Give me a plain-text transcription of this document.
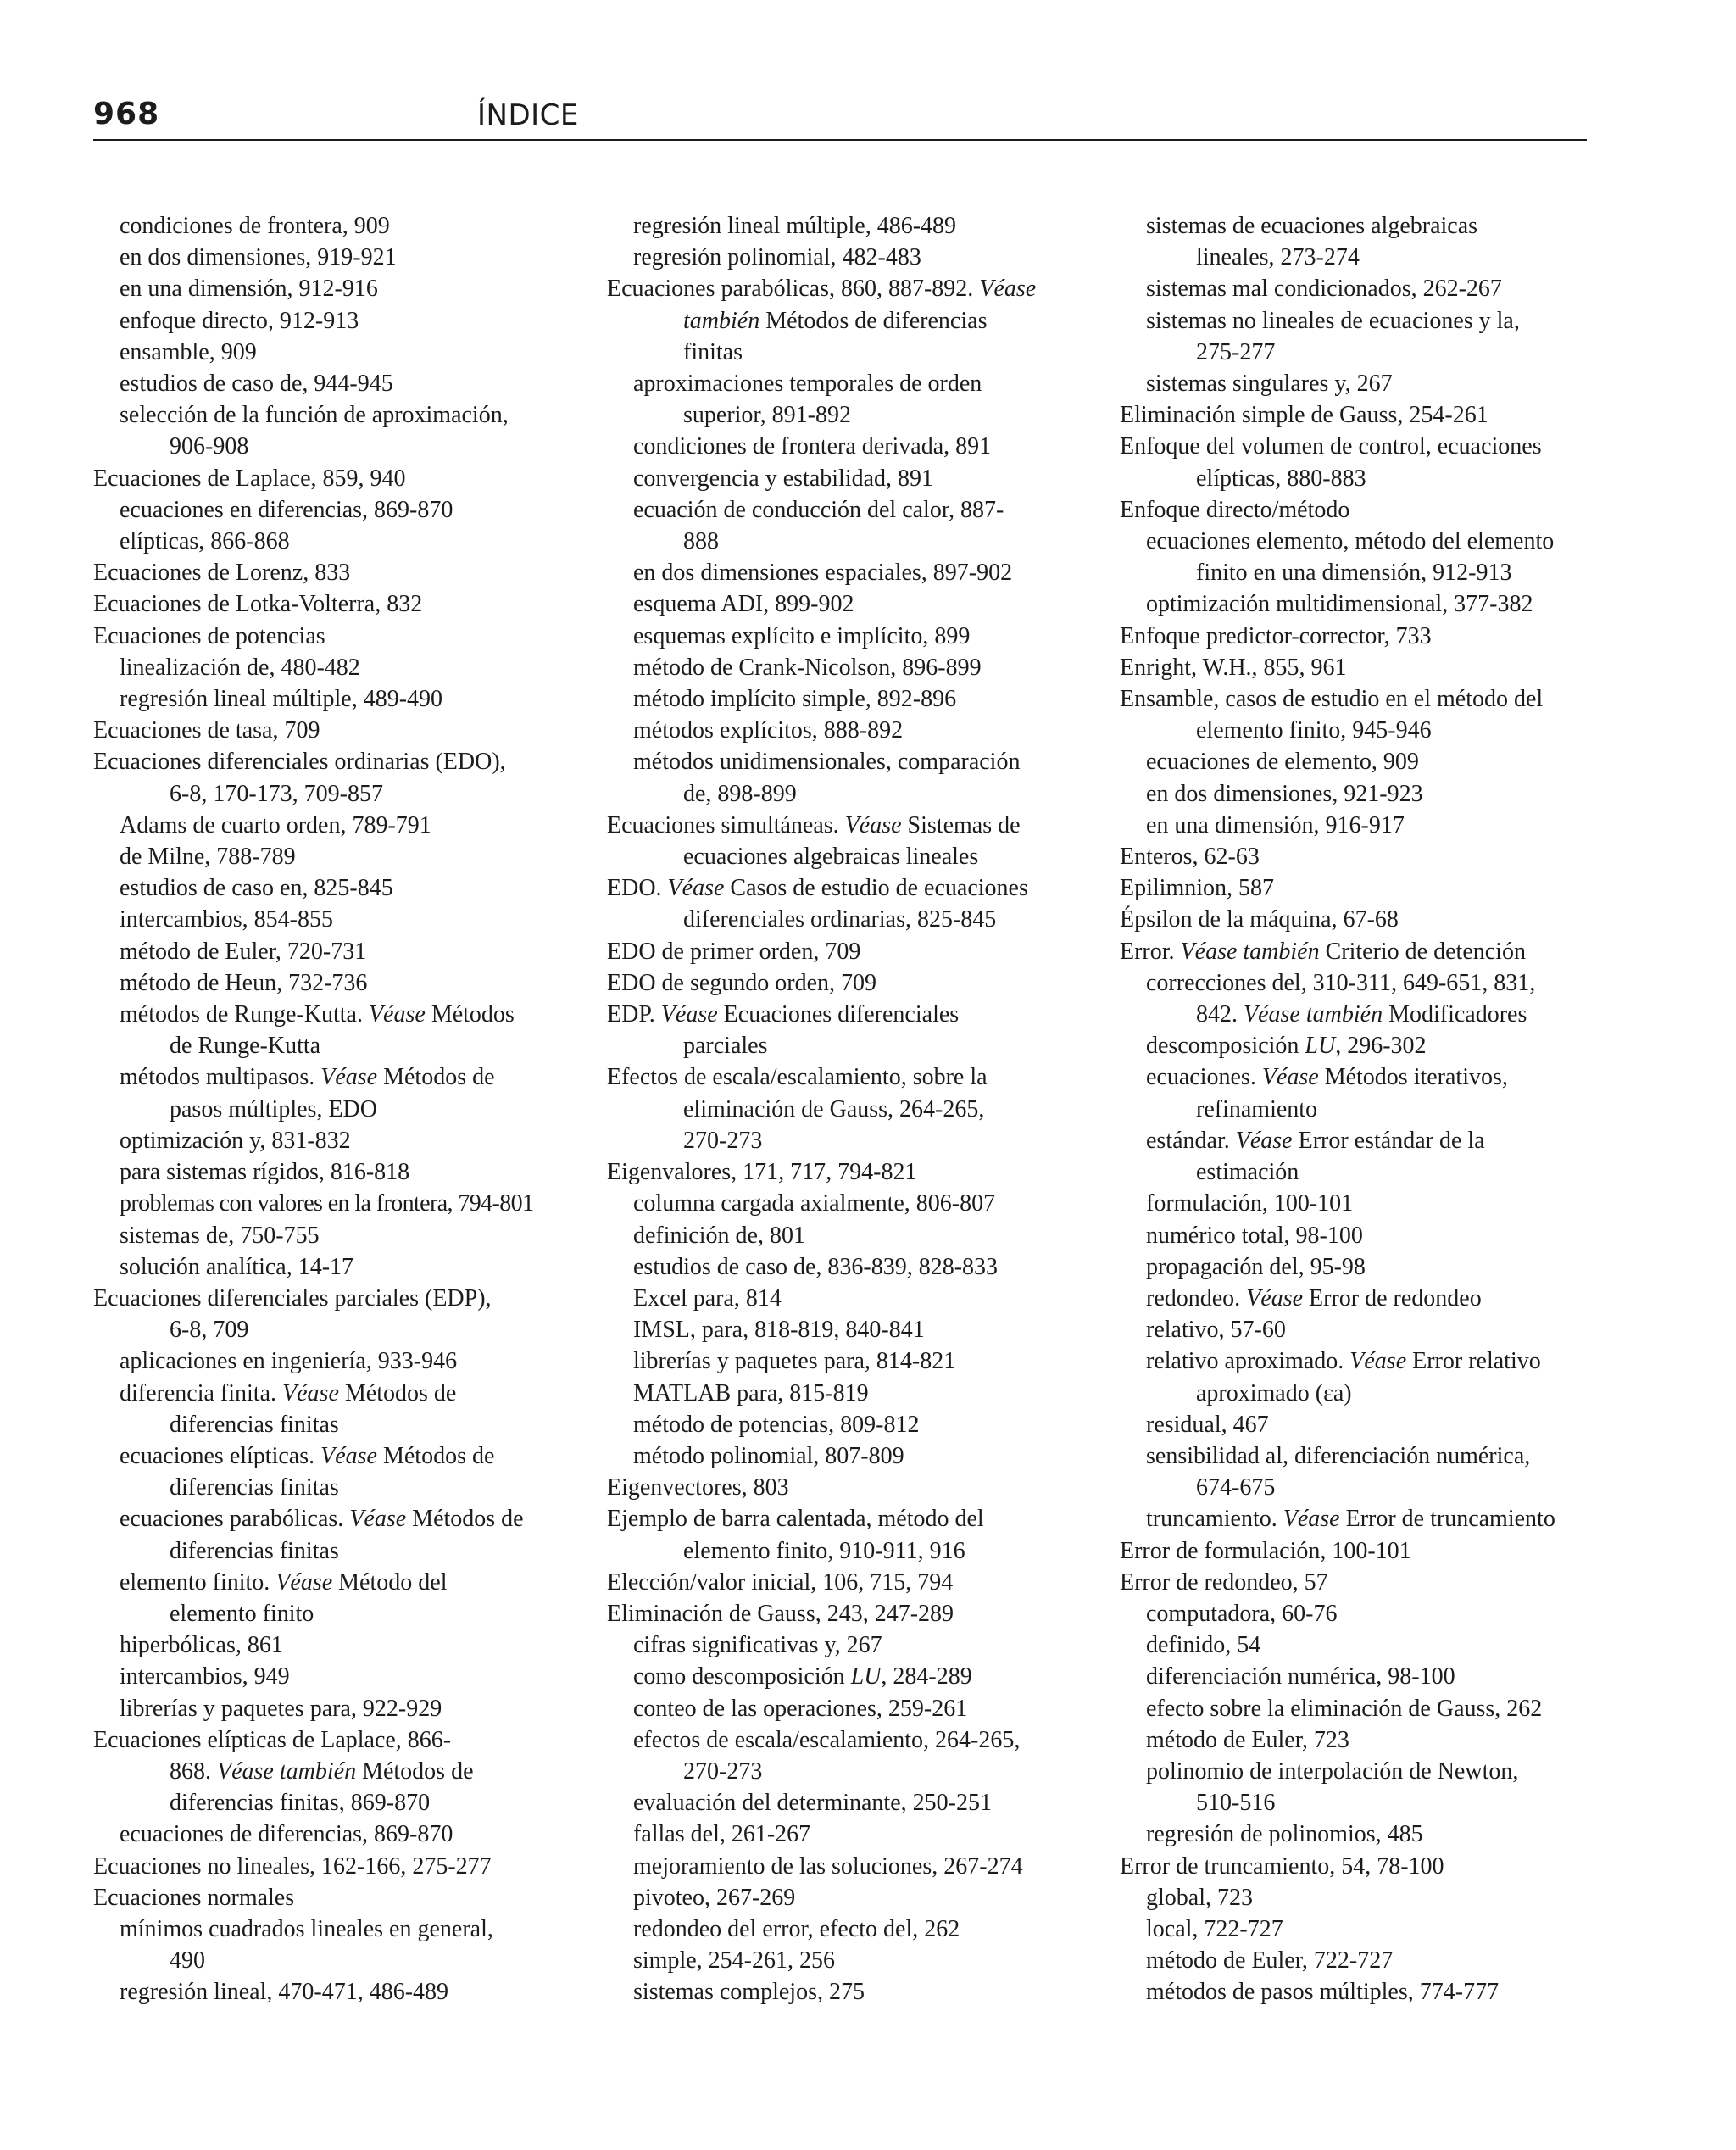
968	ÍNDICE
condiciones de frontera, 909
en dos dimensiones, 919-921
en una dimensión, 912-916
enfoque directo, 912-913
ensamble, 909
estudios de caso de, 944-945
selección de la función de aproximación,
906-908
Ecuaciones de Laplace, 859, 940
ecuaciones en diferencias, 869-870
elípticas, 866-868
Ecuaciones de Lorenz, 833
Ecuaciones de Lotka-Volterra, 832
Ecuaciones de potencias
linealización de, 480-482
regresión lineal múltiple, 489-490
Ecuaciones de tasa, 709
Ecuaciones diferenciales ordinarias (EDO),
6-8, 170-173, 709-857
Adams de cuarto orden, 789-791
de Milne, 788-789
estudios de caso en, 825-845
intercambios, 854-855
método de Euler, 720-731
método de Heun, 732-736
métodos de Runge-Kutta. Véase Métodos
de Runge-Kutta
métodos multipasos. Véase Métodos de
pasos múltiples, EDO
optimización y, 831-832
para sistemas rígidos, 816-818
problemas con valores en la frontera, 794-801
sistemas de, 750-755
solución analítica, 14-17
Ecuaciones diferenciales parciales (EDP),
6-8, 709
aplicaciones en ingeniería, 933-946
diferencia finita. Véase Métodos de
diferencias finitas
ecuaciones elípticas. Véase Métodos de
diferencias finitas
ecuaciones parabólicas. Véase Métodos de
diferencias finitas
elemento finito. Véase Método del
elemento finito
hiperbólicas, 861
intercambios, 949
librerías y paquetes para, 922-929
Ecuaciones elípticas de Laplace, 866-
868. Véase también Métodos de
diferencias finitas, 869-870
ecuaciones de diferencias, 869-870
Ecuaciones no lineales, 162-166, 275-277
Ecuaciones normales
mínimos cuadrados lineales en general,
490
regresión lineal, 470-471, 486-489
regresión lineal múltiple, 486-489
regresión polinomial, 482-483
Ecuaciones parabólicas, 860, 887-892. Véase
también Métodos de diferencias
finitas
aproximaciones temporales de orden
superior, 891-892
condiciones de frontera derivada, 891
convergencia y estabilidad, 891
ecuación de conducción del calor, 887-
888
en dos dimensiones espaciales, 897-902
esquema ADI, 899-902
esquemas explícito e implícito, 899
método de Crank-Nicolson, 896-899
método implícito simple, 892-896
métodos explícitos, 888-892
métodos unidimensionales, comparación
de, 898-899
Ecuaciones simultáneas. Véase Sistemas de
ecuaciones algebraicas lineales
EDO. Véase Casos de estudio de ecuaciones
diferenciales ordinarias, 825-845
EDO de primer orden, 709
EDO de segundo orden, 709
EDP. Véase Ecuaciones diferenciales
parciales
Efectos de escala/escalamiento, sobre la
eliminación de Gauss, 264-265,
270-273
Eigenvalores, 171, 717, 794-821
columna cargada axialmente, 806-807
definición de, 801
estudios de caso de, 836-839, 828-833
Excel para, 814
IMSL, para, 818-819, 840-841
librerías y paquetes para, 814-821
MATLAB para, 815-819
método de potencias, 809-812
método polinomial, 807-809
Eigenvectores, 803
Ejemplo de barra calentada, método del
elemento finito, 910-911, 916
Elección/valor inicial, 106, 715, 794
Eliminación de Gauss, 243, 247-289
cifras significativas y, 267
como descomposición LU, 284-289
conteo de las operaciones, 259-261
efectos de escala/escalamiento, 264-265,
270-273
evaluación del determinante, 250-251
fallas del, 261-267
mejoramiento de las soluciones, 267-274
pivoteo, 267-269
redondeo del error, efecto del, 262
simple, 254-261, 256
sistemas complejos, 275
sistemas de ecuaciones algebraicas
lineales, 273-274
sistemas mal condicionados, 262-267
sistemas no lineales de ecuaciones y la,
275-277
sistemas singulares y, 267
Eliminación simple de Gauss, 254-261
Enfoque del volumen de control, ecuaciones
elípticas, 880-883
Enfoque directo/método
ecuaciones elemento, método del elemento
finito en una dimensión, 912-913
optimización multidimensional, 377-382
Enfoque predictor-corrector, 733
Enright, W.H., 855, 961
Ensamble, casos de estudio en el método del
elemento finito, 945-946
ecuaciones de elemento, 909
en dos dimensiones, 921-923
en una dimensión, 916-917
Enteros, 62-63
Epilimnion, 587
Épsilon de la máquina, 67-68
Error. Véase también Criterio de detención
correcciones del, 310-311, 649-651, 831,
842. Véase también Modificadores
descomposición LU, 296-302
ecuaciones. Véase Métodos iterativos,
refinamiento
estándar. Véase Error estándar de la
estimación
formulación, 100-101
numérico total, 98-100
propagación del, 95-98
redondeo. Véase Error de redondeo
relativo, 57-60
relativo aproximado. Véase Error relativo
aproximado (εa)
residual, 467
sensibilidad al, diferenciación numérica,
674-675
truncamiento. Véase Error de truncamiento
Error de formulación, 100-101
Error de redondeo, 57
computadora, 60-76
definido, 54
diferenciación numérica, 98-100
efecto sobre la eliminación de Gauss, 262
método de Euler, 723
polinomio de interpolación de Newton,
510-516
regresión de polinomios, 485
Error de truncamiento, 54, 78-100
global, 723
local, 722-727
método de Euler, 722-727
métodos de pasos múltiples, 774-777
